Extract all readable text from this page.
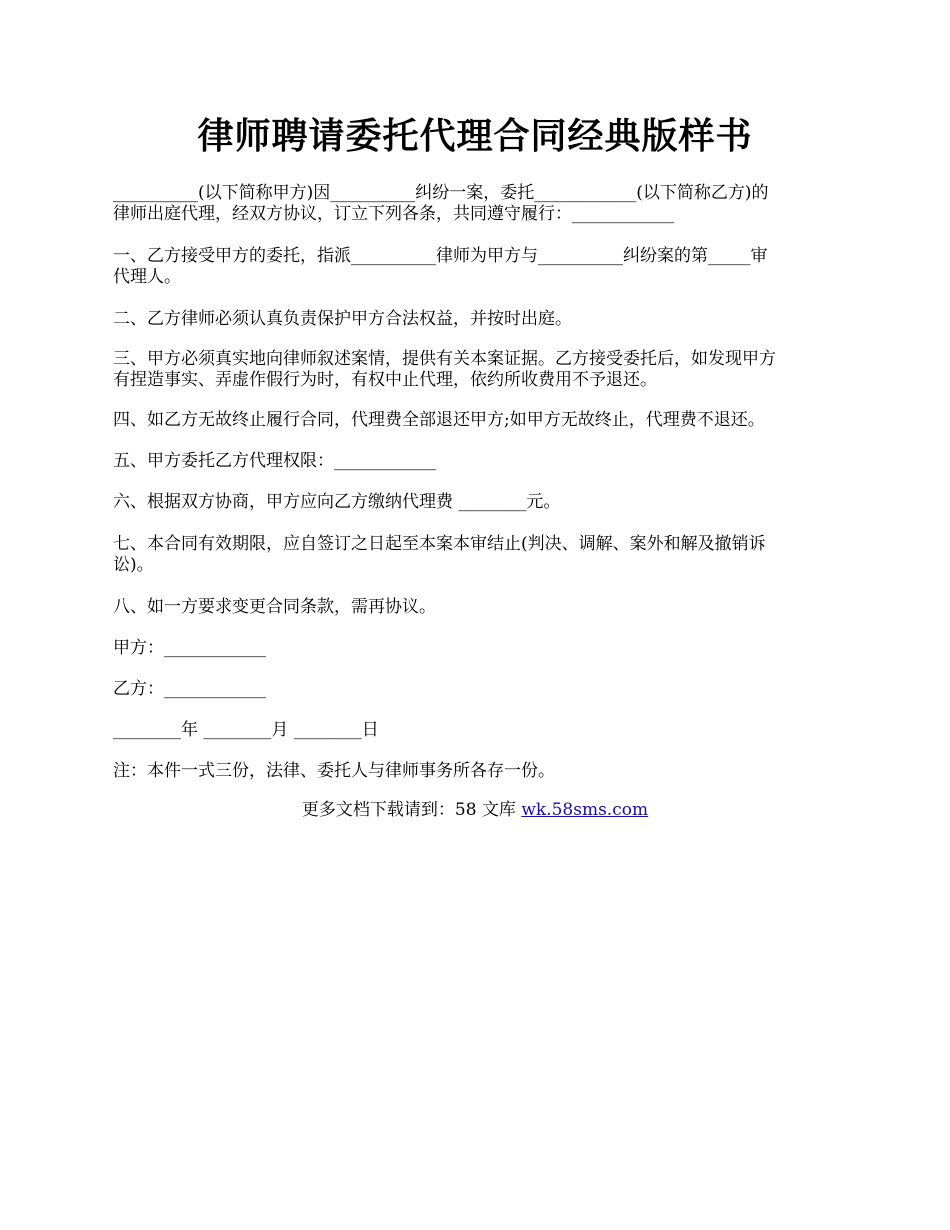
律师聘请委托代理合同经典版样书
__________(以下简称甲方)因__________纠纷一案，委托____________(以下简称乙方)的
律师出庭代理，经双方协议，订立下列各条，共同遵守履行：____________
一、乙方接受甲方的委托，指派__________律师为甲方与__________纠纷案的第_____审
代理人。
二、乙方律师必须认真负责保护甲方合法权益，并按时出庭。
三、甲方必须真实地向律师叙述案情，提供有关本案证据。乙方接受委托后，如发现甲方
有捏造事实、弄虚作假行为时，有权中止代理，依约所收费用不予退还。
四、如乙方无故终止履行合同，代理费全部退还甲方;如甲方无故终止，代理费不退还。
五、甲方委托乙方代理权限：____________
六、根据双方协商，甲方应向乙方缴纳代理费 ________元。
七、本合同有效期限，应自签订之日起至本案本审结止(判决、调解、案外和解及撤销诉
讼)。
八、如一方要求变更合同条款，需再协议。
甲方：____________
乙方：____________
________年 ________月 ________日
注：本件一式三份，法律、委托人与律师事务所各存一份。
更多文档下载请到：58 文库 wk.58sms.com
